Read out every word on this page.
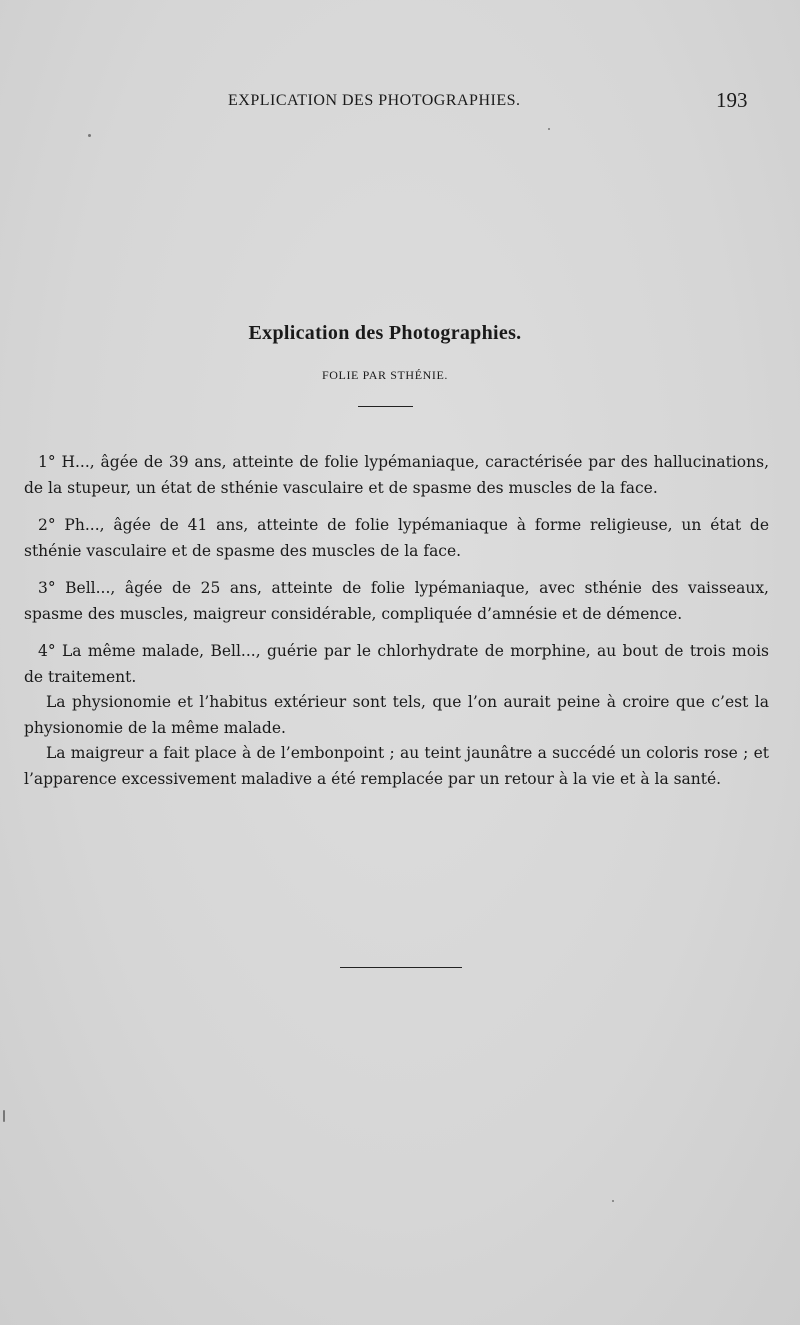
EXPLICATION DES PHOTOGRAPHIES.	193
Explication des Photographies.
FOLIE PAR STHÉNIE.

1° H..., âgée de 39 ans, atteinte de folie lypémaniaque, caractérisée par des hallucinations, de la stupeur, un état de sthénie vasculaire et de spasme des muscles de la face.

2° Ph..., âgée de 41 ans, atteinte de folie lypémaniaque à forme religieuse, un état de sthénie vasculaire et de spasme des muscles de la face.

3° Bell..., âgée de 25 ans, atteinte de folie lypémaniaque, avec sthénie des vaisseaux, spasme des muscles, maigreur considérable, compliquée d’amnésie et de démence.

4° La même malade, Bell..., guérie par le chlorhydrate de morphine, au bout de trois mois de traitement.

La physionomie et l’habitus extérieur sont tels, que l’on aurait peine à croire que c’est la physionomie de la même malade.

La maigreur a fait place à de l’embonpoint ; au teint jaunâtre a succédé un coloris rose ; et l’apparence excessivement maladive a été remplacée par un retour à la vie et à la santé.
